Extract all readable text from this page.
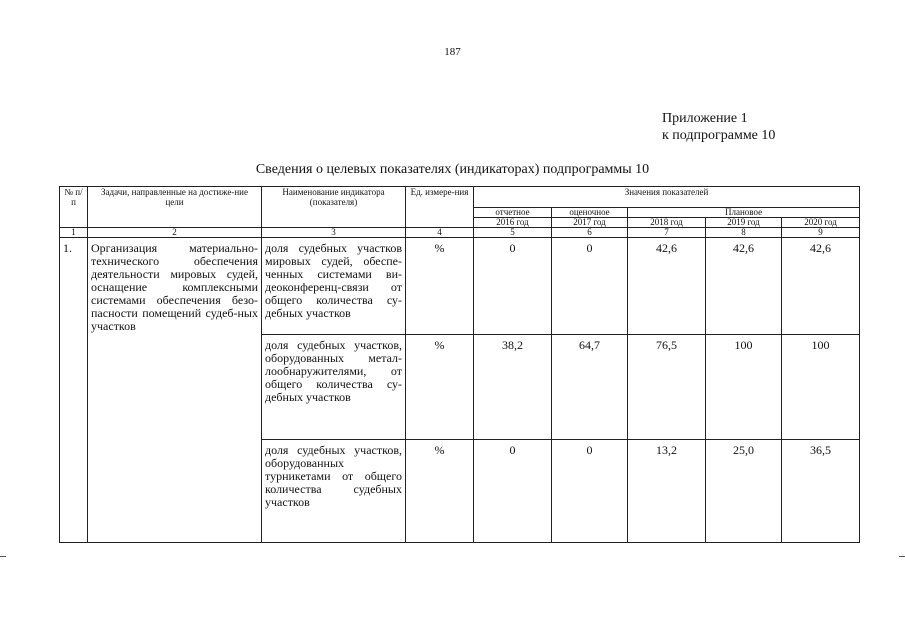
187
Приложение 1
к подпрограмме 10
Сведения о целевых показателях (индикаторах) подпрограммы 10
№ п/п	Задачи, направленные на достиже-ние цели	Наименование индикатора (показателя)	Ед. измере-ния	Значения показателей				
				отчетное	оценочное	Плановое		
				2016 год	2017 год	2018 год	2019 год	2020 год
1	2	3	4	5	6	7	8	9
1.	Организация материально-технического обеспечения деятельности мировых судей, оснащение комплексными системами обеспечения безо-пасности помещений судеб-ных участков	доля судебных участков мировых судей, обеспе-ченных системами ви-деоконференц-связи от общего количества су-дебных участков	%	0	0	42,6	42,6	42,6
		доля судебных участков, оборудованных метал-лообнаружителями, от общего количества су-дебных участков	%	38,2	64,7	76,5	100	100
		доля судебных участков, оборудованных турникетами от общего количества судебных участков	%	0	0	13,2	25,0	36,5
